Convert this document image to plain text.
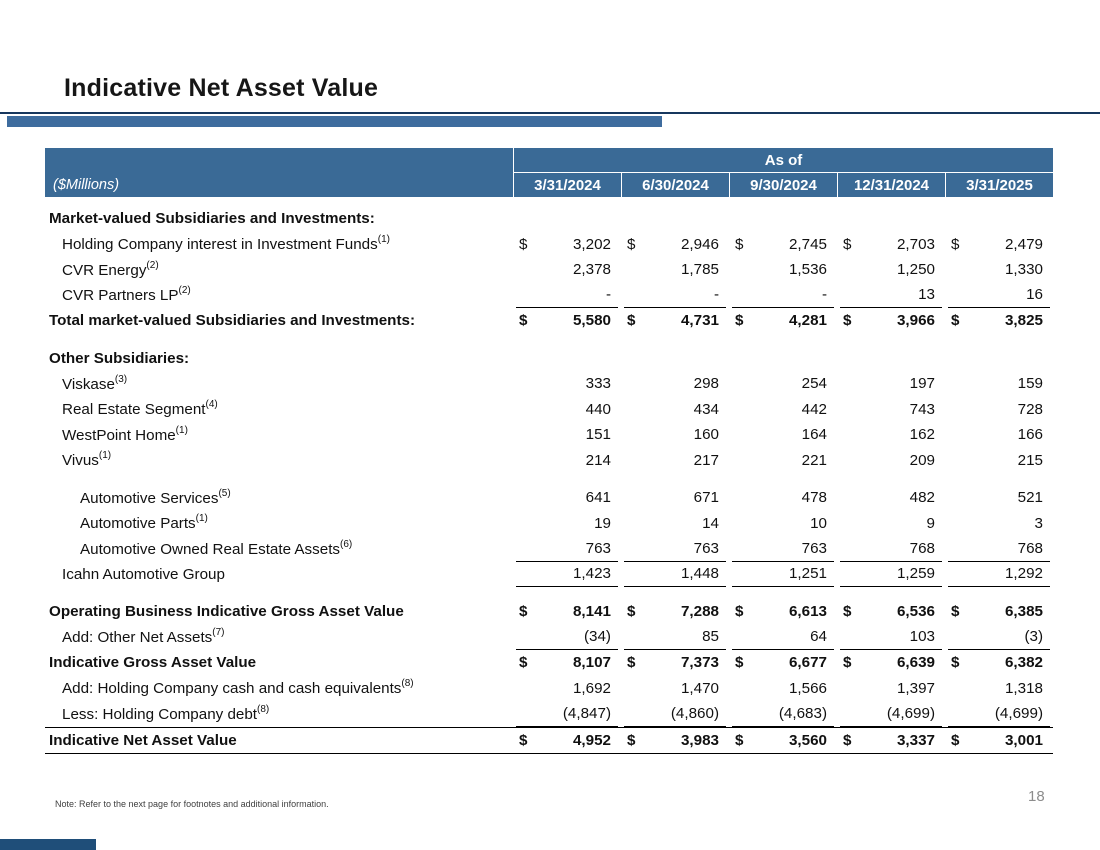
Indicative Net Asset Value
($Millions)
As of
3/31/2024	6/30/2024	9/30/2024	12/31/2024	3/31/2025
Market-valued Subsidiaries and Investments:
Holding Company interest in Investment Funds$^{(1)}$	$	3,202 $	2,946 $	2,745 $	2,703 $	2,479
CVR Energy$^{(2)}$	2,378	1,785	1,536	1,250	1,330
CVR Partners LP$^{(2)}$	-	-	-	13	16
Total market-valued Subsidiaries and Investments:	$	5,580 $	4,731 $	4,281 $	3,966 $	3,825
Other Subsidiaries:
Viskase$^{(3)}$	333	298	254	197	159
Real Estate Segment$^{(4)}$	440	434	442	743	728
WestPoint Home$^{(1)}$	151	160	164	162	166
Vivus$^{(1)}$	214	217	221	209	215
Automotive Services$^{(5)}$	641	671	478	482	521
Automotive Parts$^{(1)}$	19	14	10	9	3
Automotive Owned Real Estate Assets$^{(6)}$	763	763	763	768	768
Icahn Automotive Group	1,423	1,448	1,251	1,259	1,292
Operating Business Indicative Gross Asset Value	$	8,141 $	7,288 $	6,613 $	6,536 $	6,385
Add: Other Net Assets$^{(7)}$	(34)	85	64	103	(3)
Indicative Gross Asset Value	$	8,107 $	7,373 $	6,677 $	6,639 $	6,382
Add: Holding Company cash and cash equivalents$^{(8)}$	1,692	1,470	1,566	1,397	1,318
Less: Holding Company debt$^{(8)}$	(4,847)	(4,860)	(4,683)	(4,699)	(4,699)
Indicative Net Asset Value	$	4,952 $	3,983 $	3,560 $	3,337 $	3,001
Note: Refer to the next page for footnotes and additional information.	18
